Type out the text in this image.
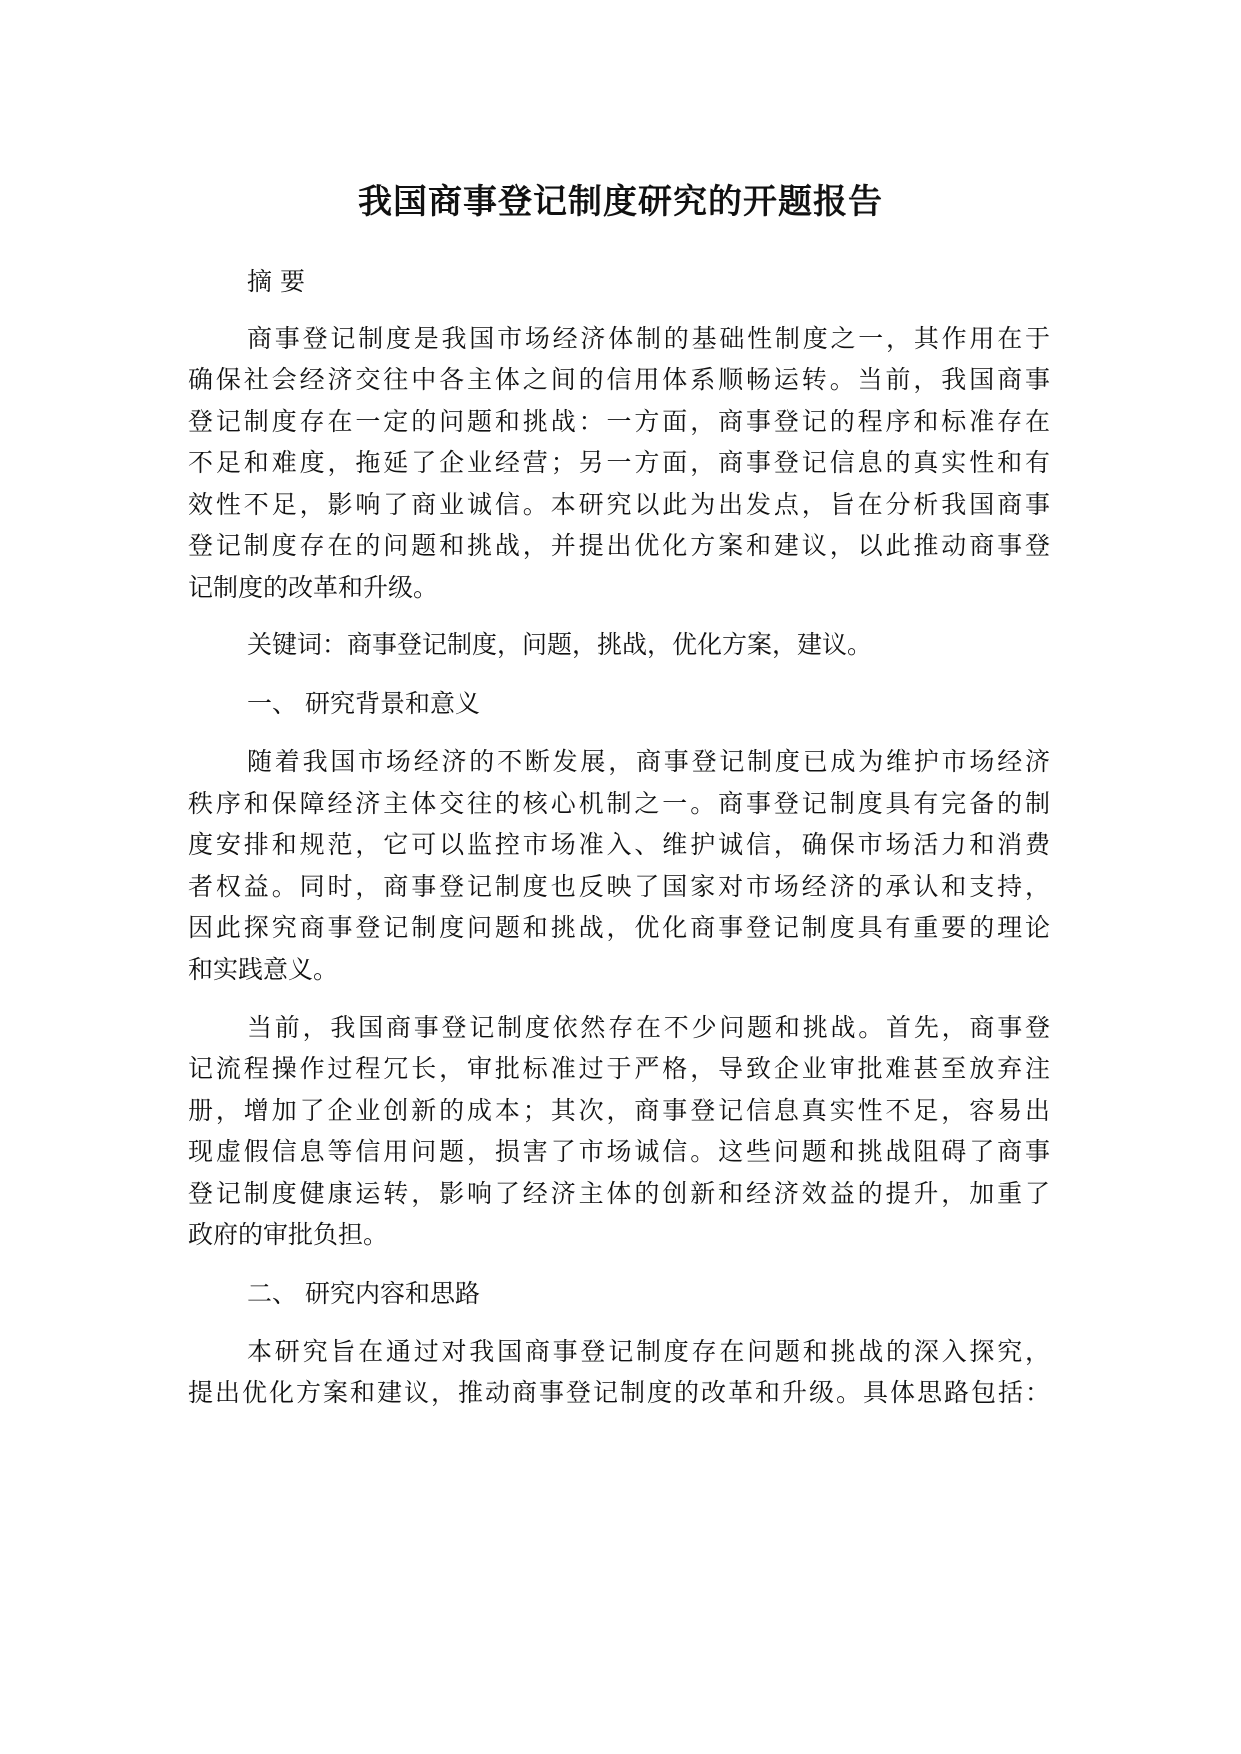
我国商事登记制度研究的开题报告
摘 要
商事登记制度是我国市场经济体制的基础性制度之一，其作用在于
确保社会经济交往中各主体之间的信用体系顺畅运转。当前，我国商事
登记制度存在一定的问题和挑战：一方面，商事登记的程序和标准存在
不足和难度，拖延了企业经营；另一方面，商事登记信息的真实性和有
效性不足，影响了商业诚信。本研究以此为出发点，旨在分析我国商事
登记制度存在的问题和挑战，并提出优化方案和建议，以此推动商事登
记制度的改革和升级。
关键词：商事登记制度，问题，挑战，优化方案，建议。
一、 研究背景和意义
随着我国市场经济的不断发展，商事登记制度已成为维护市场经济
秩序和保障经济主体交往的核心机制之一。商事登记制度具有完备的制
度安排和规范，它可以监控市场准入、维护诚信，确保市场活力和消费
者权益。同时，商事登记制度也反映了国家对市场经济的承认和支持，
因此探究商事登记制度问题和挑战，优化商事登记制度具有重要的理论
和实践意义。
当前，我国商事登记制度依然存在不少问题和挑战。首先，商事登
记流程操作过程冗长，审批标准过于严格，导致企业审批难甚至放弃注
册，增加了企业创新的成本；其次，商事登记信息真实性不足，容易出
现虚假信息等信用问题，损害了市场诚信。这些问题和挑战阻碍了商事
登记制度健康运转，影响了经济主体的创新和经济效益的提升，加重了
政府的审批负担。
二、 研究内容和思路
本研究旨在通过对我国商事登记制度存在问题和挑战的深入探究，
提出优化方案和建议，推动商事登记制度的改革和升级。具体思路包括：
